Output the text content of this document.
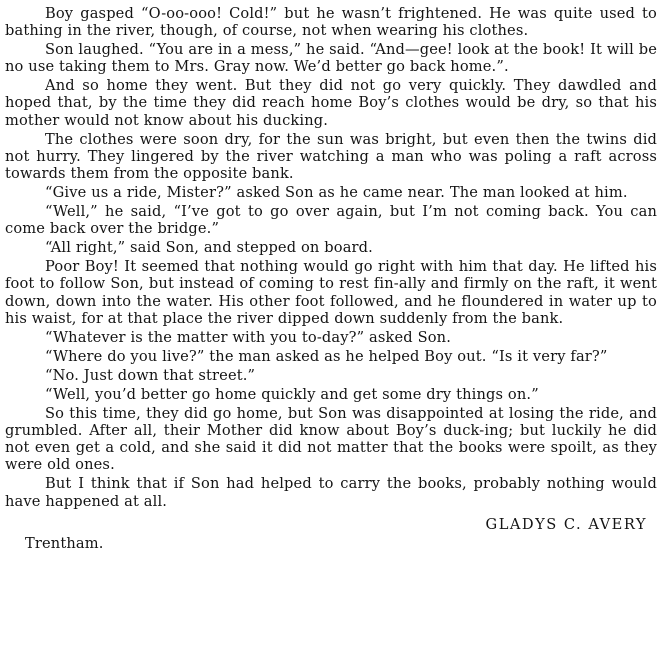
Boy gasped “O-oo-ooo! Cold!” but he wasn’t frightened. He was quite used to bathing in the river, though, of course, not when wearing his clothes.

Son laughed. “You are in a mess,” he said. “And—gee! look at the book! It will be no use taking them to Mrs. Gray now. We’d better go back home.”.

And so home they went. But they did not go very quickly. They dawdled and hoped that, by the time they did reach home Boy’s clothes would be dry, so that his mother would not know about his ducking.

The clothes were soon dry, for the sun was bright, but even then the twins did not hurry. They lingered by the river watching a man who was poling a raft across towards them from the opposite bank.

“Give us a ride, Mister?” asked Son as he came near. The man looked at him.

“Well,” he said, “I’ve got to go over again, but I’m not coming back. You can come back over the bridge.”

“All right,” said Son, and stepped on board.

Poor Boy! It seemed that nothing would go right with him that day. He lifted his foot to follow Son, but instead of coming to rest fin-ally and firmly on the raft, it went down, down into the water. His other foot followed, and he floundered in water up to his waist, for at that place the river dipped down suddenly from the bank.

“Whatever is the matter with you to-day?” asked Son.

“Where do you live?” the man asked as he helped Boy out. “Is it very far?”

“No. Just down that street.”

“Well, you’d better go home quickly and get some dry things on.”

So this time, they did go home, but Son was disappointed at losing the ride, and grumbled. After all, their Mother did know about Boy’s duck-ing; but luckily he did not even get a cold, and she said it did not matter that the books were spoilt, as they were old ones.

But I think that if Son had helped to carry the books, probably nothing would have happened at all.

GLADYS C. AVERY
Trentham.
